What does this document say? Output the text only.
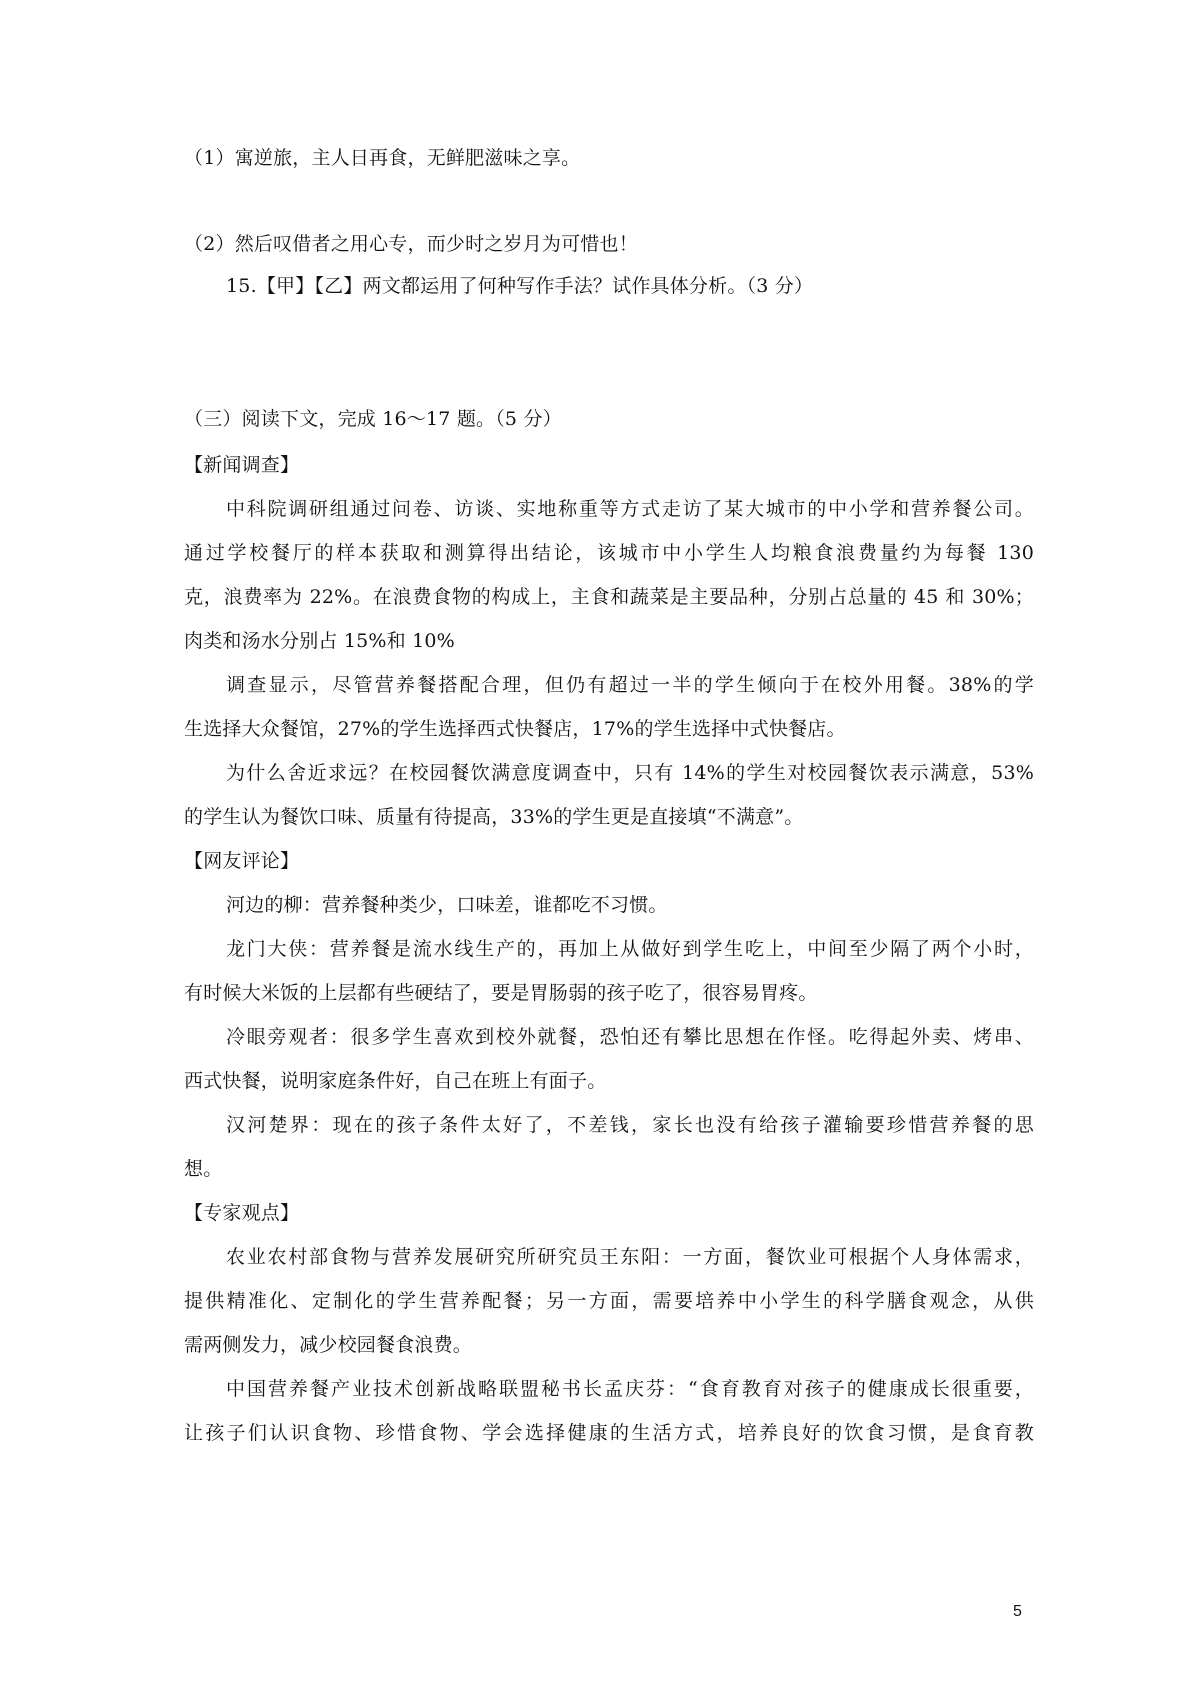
（1）寓逆旅，主人日再食，无鲜肥滋味之享。
（2）然后叹借者之用心专，而少时之岁月为可惜也！
15.【甲】【乙】两文都运用了何种写作手法？试作具体分析。（3 分）
（三）阅读下文，完成 16～17 题。（5 分）
【新闻调查】
中科院调研组通过问卷、访谈、实地称重等方式走访了某大城市的中小学和营养餐公司。
通过学校餐厅的样本获取和测算得出结论，该城市中小学生人均粮食浪费量约为每餐 130
克，浪费率为 22%。在浪费食物的构成上，主食和蔬菜是主要品种，分别占总量的 45 和 30%；
肉类和汤水分别占 15%和 10%
调查显示，尽管营养餐搭配合理，但仍有超过一半的学生倾向于在校外用餐。38%的学
生选择大众餐馆，27%的学生选择西式快餐店，17%的学生选择中式快餐店。
为什么舍近求远？在校园餐饮满意度调查中，只有 14%的学生对校园餐饮表示满意，53%
的学生认为餐饮口味、质量有待提高，33%的学生更是直接填“不满意”。
【网友评论】
河边的柳：营养餐种类少，口味差，谁都吃不习惯。
龙门大侠：营养餐是流水线生产的，再加上从做好到学生吃上，中间至少隔了两个小时，
有时候大米饭的上层都有些硬结了，要是胃肠弱的孩子吃了，很容易胃疼。
冷眼旁观者：很多学生喜欢到校外就餐，恐怕还有攀比思想在作怪。吃得起外卖、烤串、
西式快餐，说明家庭条件好，自己在班上有面子。
汉河楚界：现在的孩子条件太好了，不差钱，家长也没有给孩子灌输要珍惜营养餐的思
想。
【专家观点】
农业农村部食物与营养发展研究所研究员王东阳：一方面，餐饮业可根据个人身体需求，
提供精准化、定制化的学生营养配餐；另一方面，需要培养中小学生的科学膳食观念，从供
需两侧发力，减少校园餐食浪费。
中国营养餐产业技术创新战略联盟秘书长孟庆芬：“食育教育对孩子的健康成长很重要，
让孩子们认识食物、珍惜食物、学会选择健康的生活方式，培养良好的饮食习惯，是食育教
5
